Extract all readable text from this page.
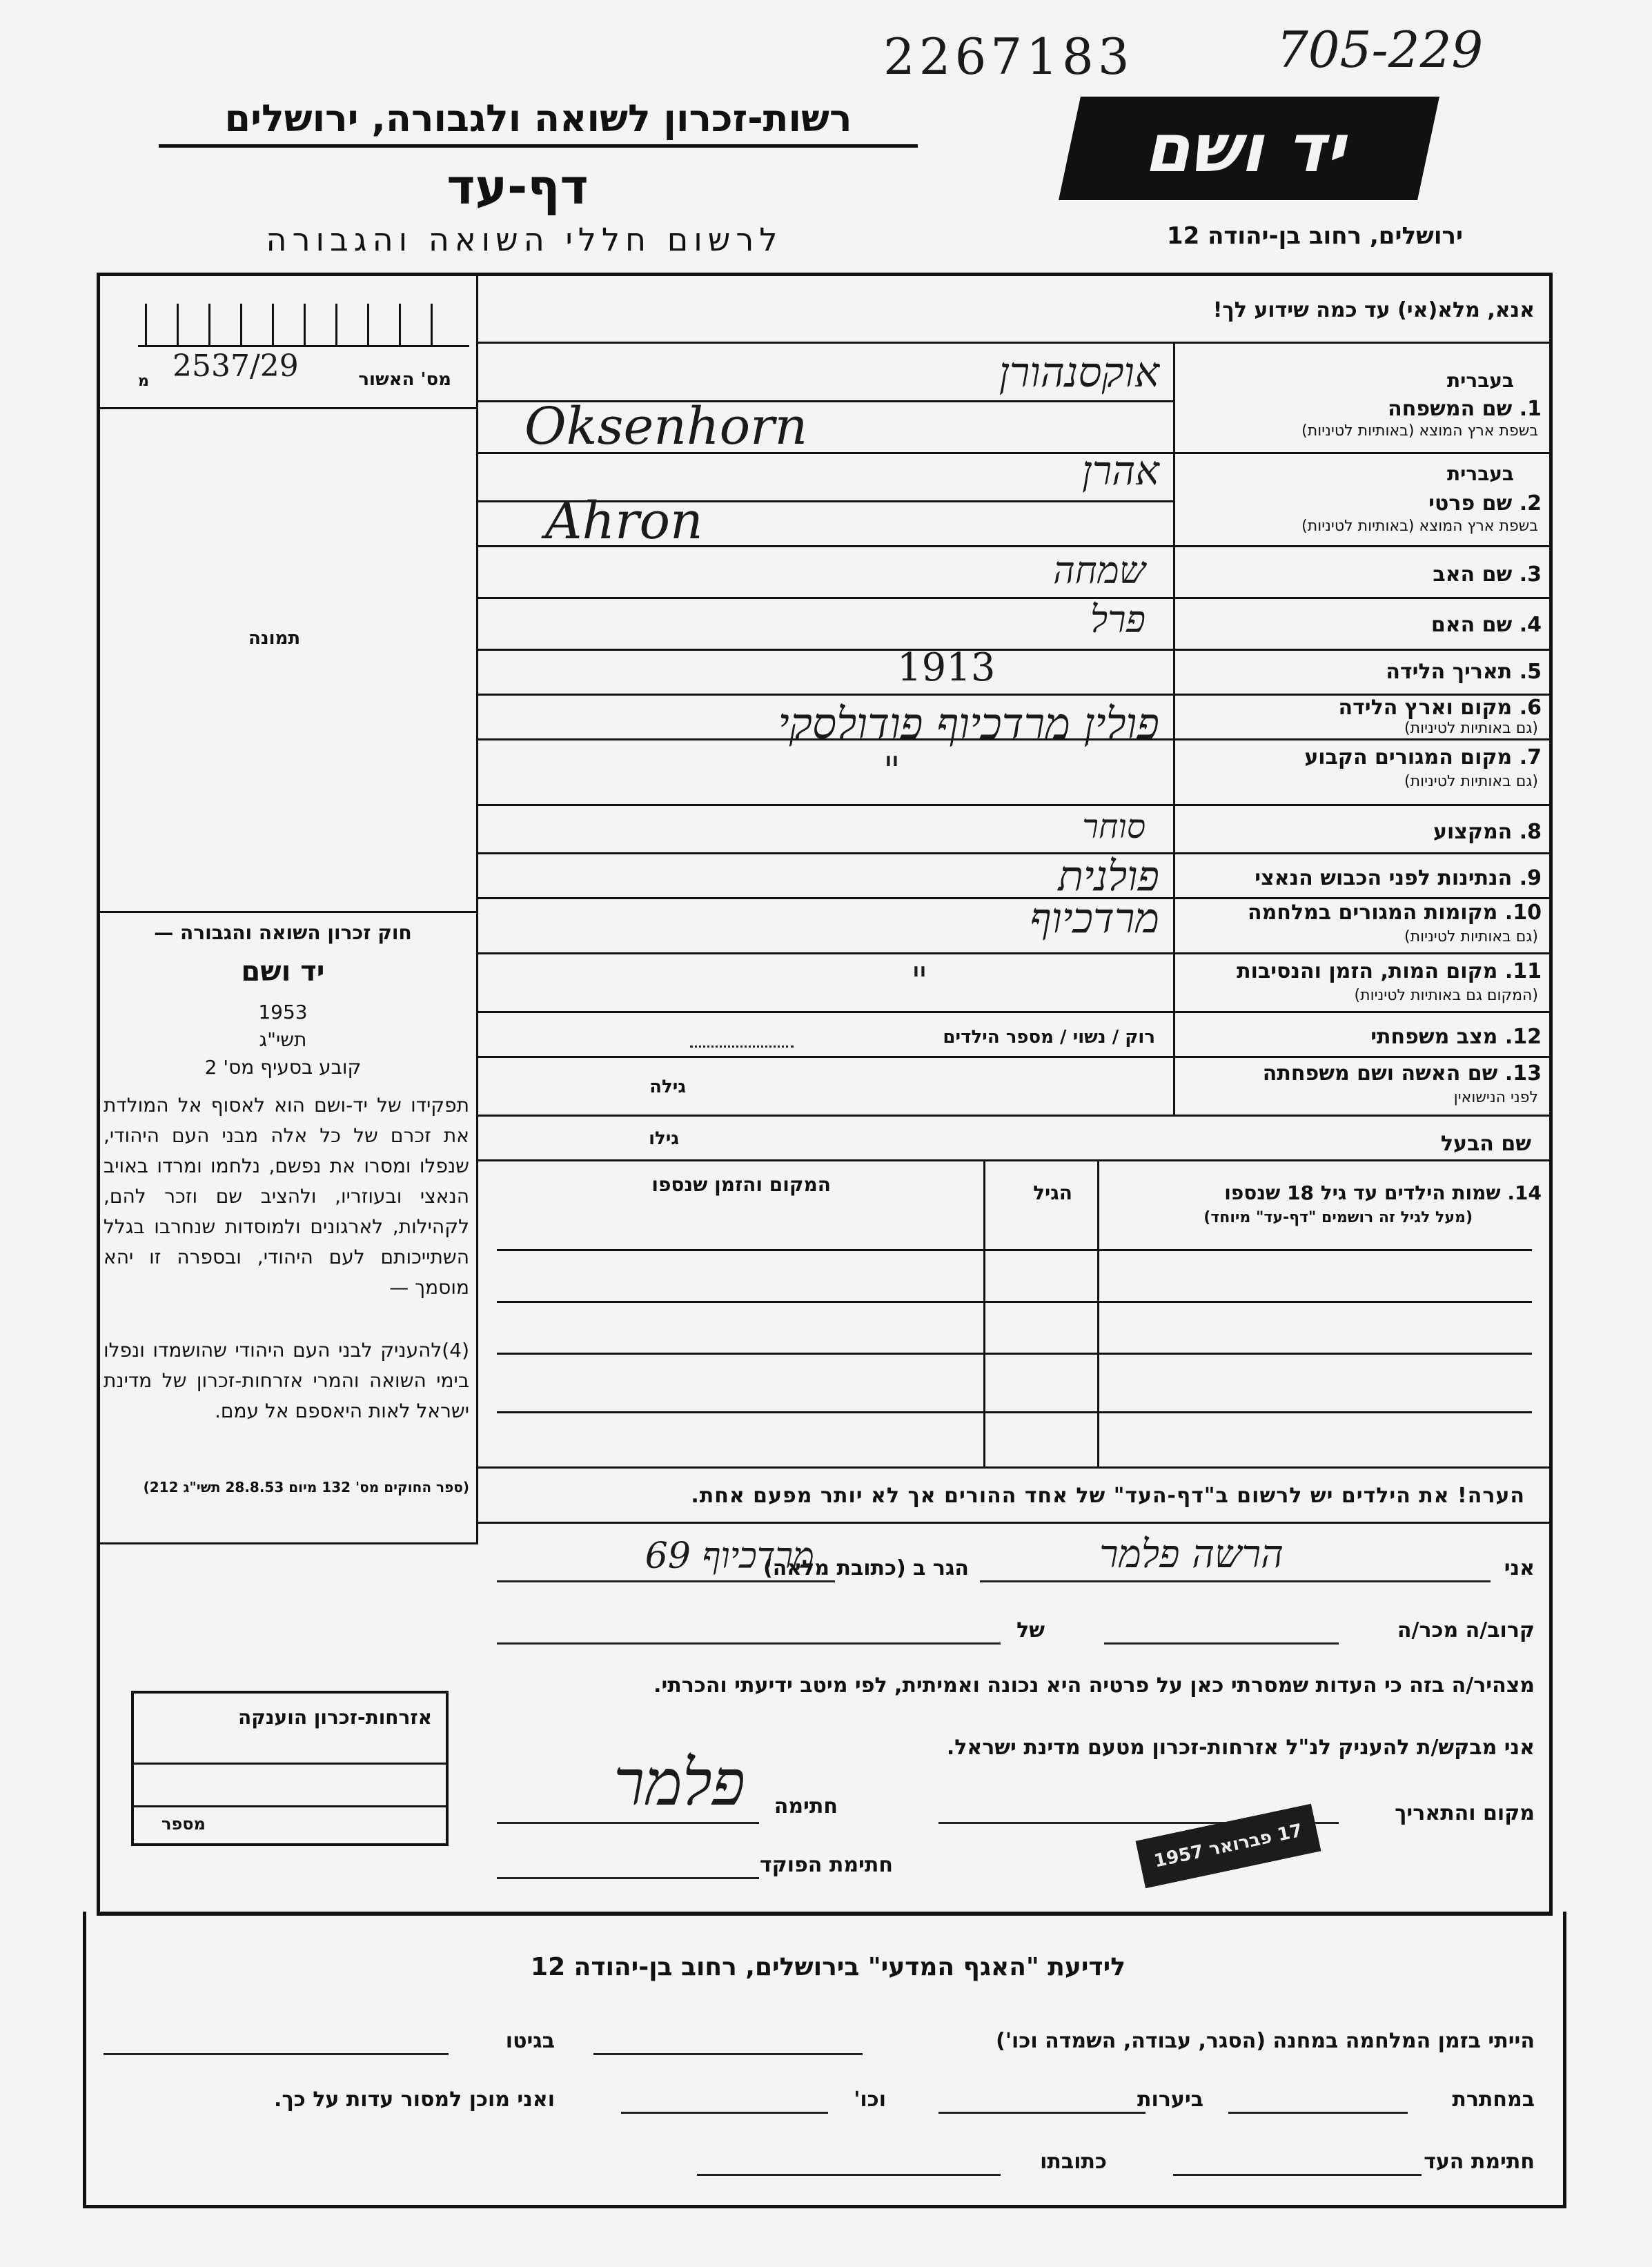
2267183	705-229
רשות-זכרון לשואה ולגבורה, ירושלים
דף-עד
לרשום חללי השואה והגבורה
יד ושם
ירושלים, רחוב בן-יהודה 12
מס' האשור
מ 2537/29
תמונה
חוק זכרון השואה והגבורה —
יד ושם
1953
תשי"ג
קובע בסעיף מס' 2
תפקידו של יד-ושם הוא לאסוף אל המולדת את זכרם של כל אלה מבני העם היהודי, שנפלו ומסרו את נפשם, נלחמו ומרדו באויב הנאצי ובעוזריו, ולהציב שם וזכר להם, לקהילות, לארגונים ולמוסדות שנחרבו בגלל השתייכותם לעם היהודי, ובספרה זו יהא מוסמך —
(4)להעניק לבני העם היהודי שהושמדו ונפלו בימי השואה והמרי אזרחות-זכרון של מדינת ישראל לאות היאספם אל עמם.
(ספר החוקים מס' 132 מיום 28.8.53 תשי"ג 212)
אנא, מלא(אי) עד כמה שידוע לך!
בעברית
1. שם המשפחה
בשפת ארץ המוצא (באותיות לטיניות)
אוקסנהורן
Oksenhorn
בעברית
2. שם פרטי
בשפת ארץ המוצא (באותיות לטיניות)
אהרן
Ahron
3. שם האב
שמחה
4. שם האם
פרל
5. תאריך הלידה
1913
6. מקום וארץ הלידה
(גם באותיות לטיניות)
פולין מרדכיוף פודולסקי
7. מקום המגורים הקבוע
(גם באותיות לטיניות)
"
8. המקצוע
סוחר
9. הנתינות לפני הכבוש הנאצי
פולנית
10. מקומות המגורים במלחמה
(גם באותיות לטיניות)
מרדכיוף
11. מקום המות, הזמן והנסיבות
(המקום גם באותיות לטיניות)
"
12. מצב משפחתי
רוק / נשוי / מספר הילדים
13. שם האשה ושם משפחתה
לפני הנישואין
גילה
שם הבעל
גילו
14. שמות הילדים עד גיל 18 שנספו
(מעל לגיל זה רושמים "דף-עד" מיוחד)
הגיל
המקום והזמן שנספו
הערה! את הילדים יש לרשום ב"דף-העד" של אחד ההורים אך לא יותר מפעם אחת.
אני
הרשה פלמר
הגר ב (כתובת מלאה)
מרדכיוף 69
קרוב/ה מכר/ה
של
מצהיר/ה בזה כי העדות שמסרתי כאן על פרטיה היא נכונה ואמיתית, לפי מיטב ידיעתי והכרתי.
אני מבקש/ת להעניק לנ"ל אזרחות-זכרון מטעם מדינת ישראל.
מקום והתאריך
חתימה
פלמר
17 פברואר 1957
חתימת הפוקד
אזרחות-זכרון הוענקה
מספר
לידיעת "האגף המדעי" בירושלים, רחוב בן-יהודה 12
הייתי בזמן המלחמה במחנה (הסגר, עבודה, השמדה וכו')
בגיטו
במחתרת
ביערות
וכו'
ואני מוכן למסור עדות על כך.
חתימת העד
כתובתו
